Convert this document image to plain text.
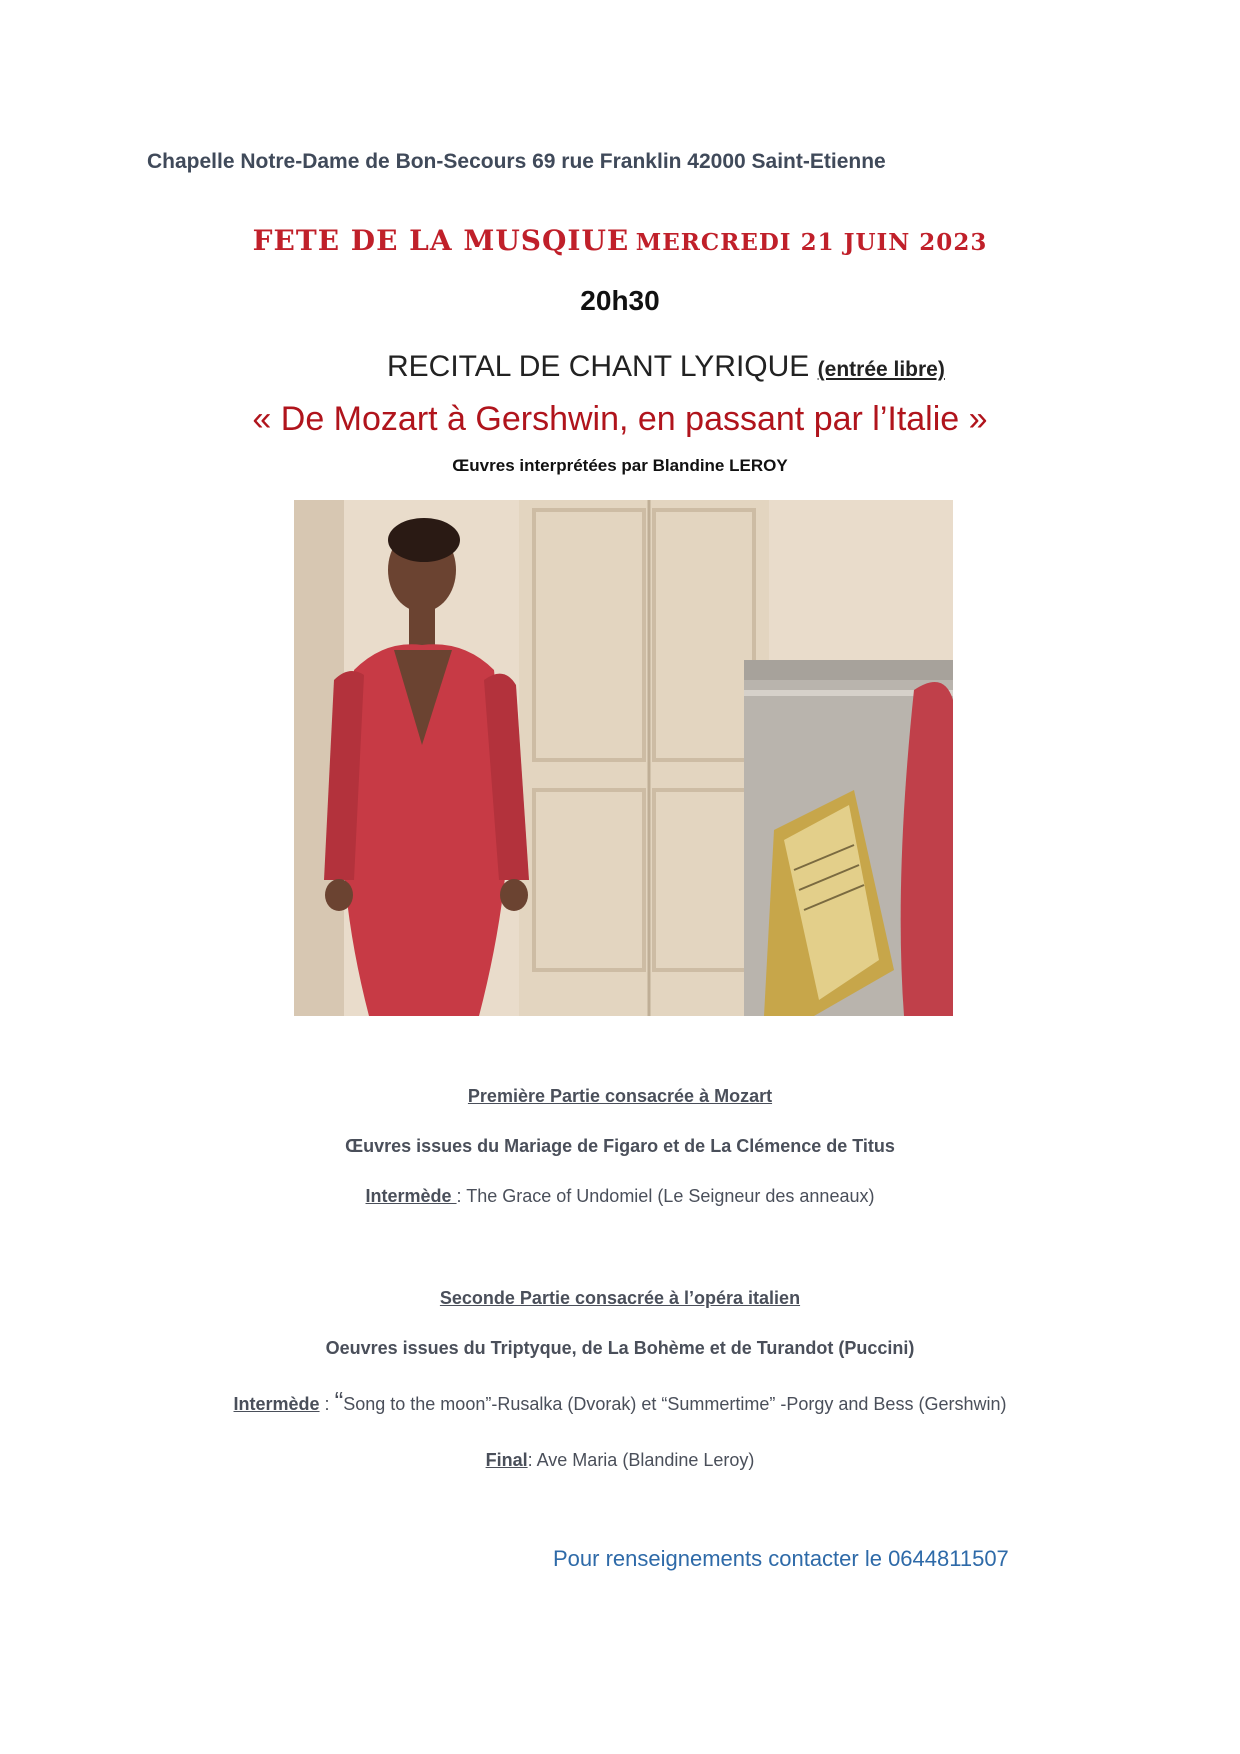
Chapelle Notre-Dame de Bon-Secours 69 rue Franklin 42000 Saint-Etienne
FETE DE LA MUSQIUE MERCREDI 21 JUIN 2023
20h30
RECITAL DE CHANT LYRIQUE (entrée libre)
« De Mozart à Gershwin, en passant par l’Italie »
Œuvres interprétées par Blandine LEROY
Première Partie consacrée à Mozart
Œuvres issues du Mariage de Figaro et de La Clémence de Titus
Intermède : The Grace of Undomiel (Le Seigneur des anneaux)
Seconde Partie consacrée à l’opéra italien
Oeuvres issues du Triptyque, de La Bohème et de Turandot (Puccini)
Intermède : “Song to the moon”-Rusalka (Dvorak) et “Summertime” -Porgy and Bess (Gershwin)
Final: Ave Maria (Blandine Leroy)
Pour renseignements contacter le 0644811507
